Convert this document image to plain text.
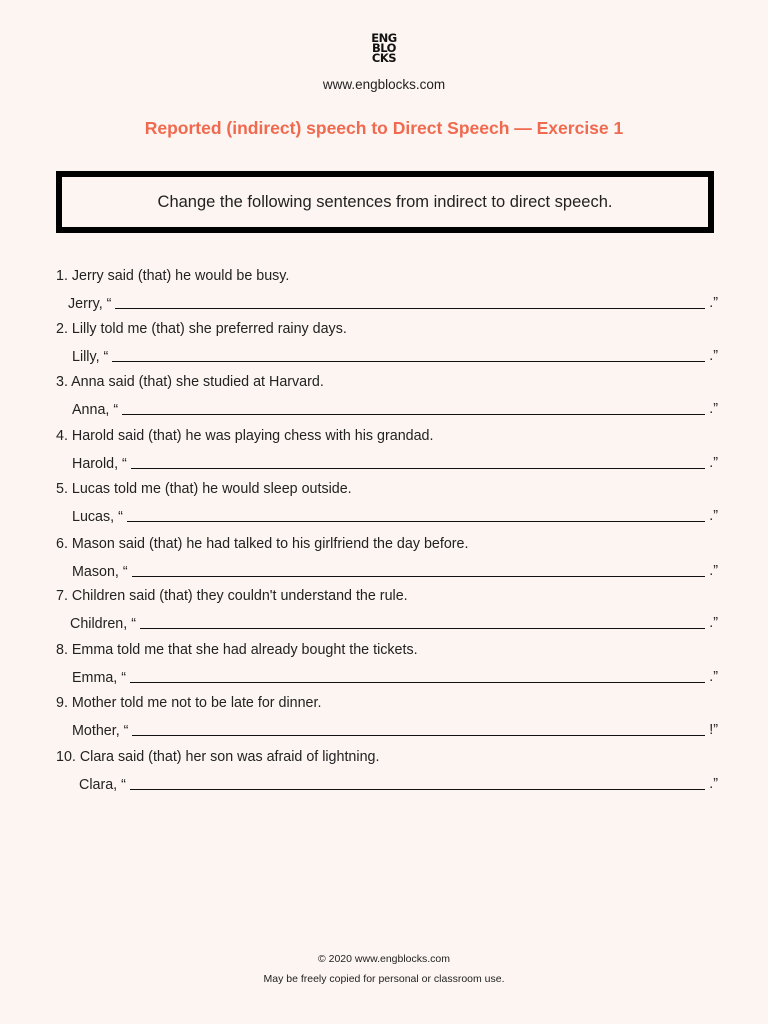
ENG
BLO
CKS
www.engblocks.com
Reported (indirect) speech to Direct Speech — Exercise 1
Change the following sentences from indirect to direct speech.
1. Jerry said (that) he would be busy.
Jerry, “	.”
2. Lilly told me (that) she preferred rainy days.
Lilly, “	.”
3. Anna said (that) she studied at Harvard.
Anna, “	.”
4. Harold said (that) he was playing chess with his grandad.
Harold, “	.”
5. Lucas told me (that) he would sleep outside.
Lucas, “	.”
6. Mason said (that) he had talked to his girlfriend the day before.
Mason, “	.”
7. Children said (that) they couldn't understand the rule.
Children, “	.”
8. Emma told me that she had already bought the tickets.
Emma, “	.”
9. Mother told me not to be late for dinner.
Mother, “	!”
10. Clara said (that) her son was afraid of lightning.
Clara, “	.”
© 2020 www.engblocks.com
May be freely copied for personal or classroom use.
